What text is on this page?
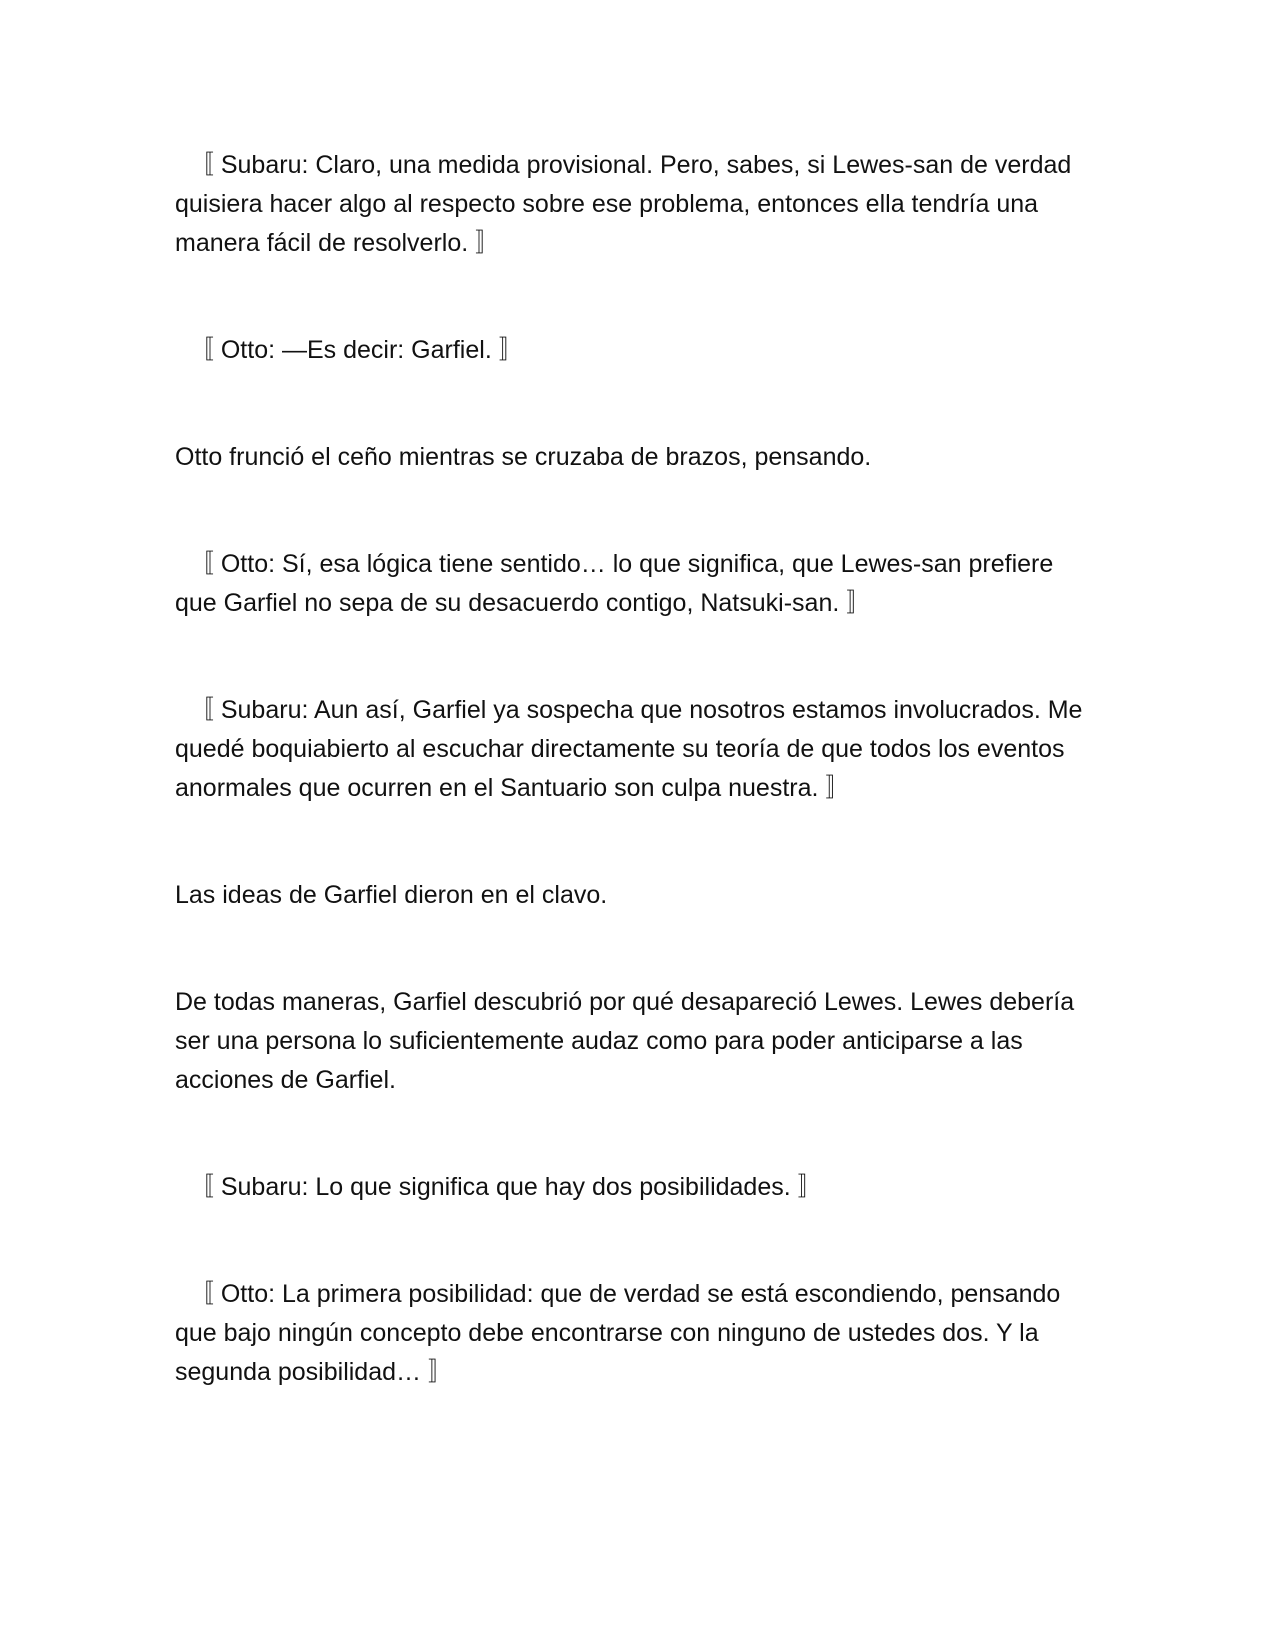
〚 Subaru: Claro, una medida provisional. Pero, sabes, si Lewes-san de verdad quisiera hacer algo al respecto sobre ese problema, entonces ella tendría una manera fácil de resolverlo. 〛

〚 Otto: —Es decir: Garfiel. 〛

Otto frunció el ceño mientras se cruzaba de brazos, pensando.

〚 Otto: Sí, esa lógica tiene sentido… lo que significa, que Lewes-san prefiere que Garfiel no sepa de su desacuerdo contigo, Natsuki-san. 〛

〚 Subaru: Aun así, Garfiel ya sospecha que nosotros estamos involucrados. Me quedé boquiabierto al escuchar directamente su teoría de que todos los eventos anormales que ocurren en el Santuario son culpa nuestra. 〛

Las ideas de Garfiel dieron en el clavo.

De todas maneras, Garfiel descubrió por qué desapareció Lewes. Lewes debería ser una persona lo suficientemente audaz como para poder anticiparse a las acciones de Garfiel.

〚 Subaru: Lo que significa que hay dos posibilidades. 〛

〚 Otto: La primera posibilidad: que de verdad se está escondiendo, pensando que bajo ningún concepto debe encontrarse con ninguno de ustedes dos. Y la segunda posibilidad… 〛
